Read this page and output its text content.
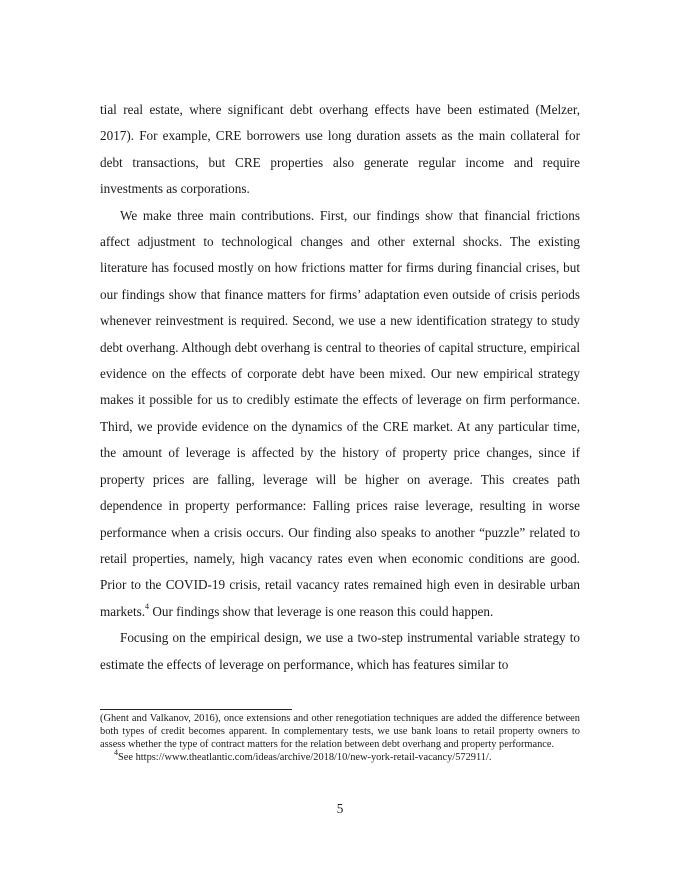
tial real estate, where significant debt overhang effects have been estimated (Melzer, 2017). For example, CRE borrowers use long duration assets as the main collateral for debt transactions, but CRE properties also generate regular income and require investments as corporations.

We make three main contributions. First, our findings show that financial frictions affect adjustment to technological changes and other external shocks. The existing literature has focused mostly on how frictions matter for firms during financial crises, but our findings show that finance matters for firms’ adaptation even outside of crisis periods whenever reinvestment is required. Second, we use a new identification strategy to study debt overhang. Although debt overhang is central to theories of capital structure, empirical evidence on the effects of corporate debt have been mixed. Our new empirical strategy makes it possible for us to credibly estimate the effects of leverage on firm performance. Third, we provide evidence on the dynamics of the CRE market. At any particular time, the amount of leverage is affected by the history of property price changes, since if property prices are falling, leverage will be higher on average. This creates path dependence in property performance: Falling prices raise leverage, resulting in worse performance when a crisis occurs. Our finding also speaks to another “puzzle” related to retail properties, namely, high vacancy rates even when economic conditions are good. Prior to the COVID-19 crisis, retail vacancy rates remained high even in desirable urban markets.$^4$ Our findings show that leverage is one reason this could happen.

Focusing on the empirical design, we use a two-step instrumental variable strategy to estimate the effects of leverage on performance, which has features similar to

(Ghent and Valkanov, 2016), once extensions and other renegotiation techniques are added the difference between both types of credit becomes apparent. In complementary tests, we use bank loans to retail property owners to assess whether the type of contract matters for the relation between debt overhang and property performance.

$^4$See https://www.theatlantic.com/ideas/archive/2018/10/new-york-retail-vacancy/572911/.

5
